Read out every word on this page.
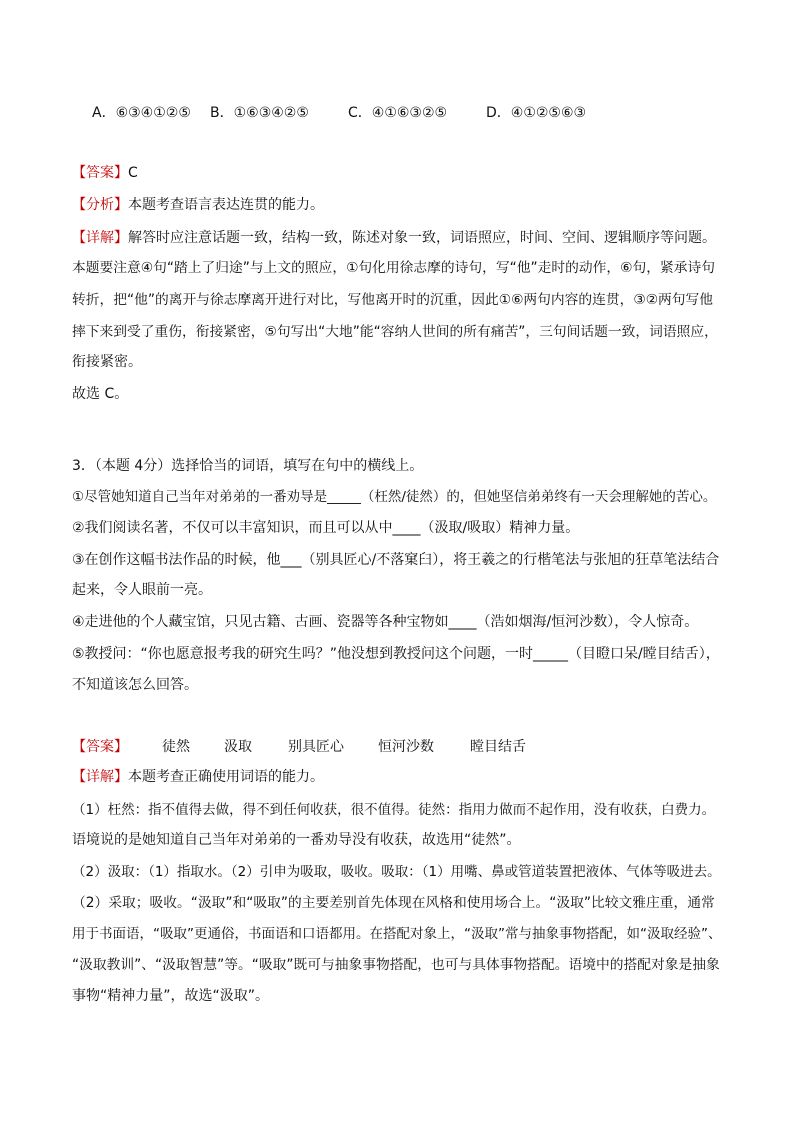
A．⑥③④①②⑤ B．①⑥③④②⑤	C．④①⑥③②⑤	D．④①②⑤⑥③
【答案】C
【分析】本题考查语言表达连贯的能力。
【详解】解答时应注意话题一致，结构一致，陈述对象一致，词语照应，时间、空间、逻辑顺序等问题。
本题要注意④句“踏上了归途”与上文的照应，①句化用徐志摩的诗句，写“他”走时的动作，⑥句，紧承诗句
转折，把“他”的离开与徐志摩离开进行对比，写他离开时的沉重，因此①⑥两句内容的连贯，③②两句写他
摔下来到受了重伤，衔接紧密，⑤句写出“大地”能“容纳人世间的所有痛苦”，三句间话题一致，词语照应，
衔接紧密。
故选 C。
3．（本题 4分）选择恰当的词语，填写在句中的横线上。
①尽管她知道自己当年对弟弟的一番劝导是_____（枉然/徒然）的，但她坚信弟弟终有一天会理解她的苦心。
②我们阅读名著，不仅可以丰富知识，而且可以从中____（汲取/吸取）精神力量。
③在创作这幅书法作品的时候，他___（别具匠心/不落窠臼），将王羲之的行楷笔法与张旭的狂草笔法结合
起来，令人眼前一亮。
④走进他的个人藏宝馆，只见古籍、古画、瓷器等各种宝物如____（浩如烟海/恒河沙数），令人惊奇。
⑤教授问：“你也愿意报考我的研究生吗？”他没想到教授问这个问题，一时_____（目瞪口呆/瞠目结舌），
不知道该怎么回答。
【答案】 徒然 汲取	别具匠心 恒河沙数	瞠目结舌
【详解】本题考查正确使用词语的能力。
（1）枉然：指不值得去做，得不到任何收获，很不值得。徒然：指用力做而不起作用，没有收获，白费力。
语境说的是她知道自己当年对弟弟的一番劝导没有收获，故选用“徒然”。
（2）汲取：（1）指取水。（2）引申为吸取，吸收。吸取：（1）用嘴、鼻或管道装置把液体、气体等吸进去。
（2）采取；吸收。“汲取”和“吸取”的主要差别首先体现在风格和使用场合上。“汲取”比较文雅庄重，通常
用于书面语，“吸取”更通俗，书面语和口语都用。在搭配对象上，“汲取”常与抽象事物搭配，如“汲取经验”、
“汲取教训”、“汲取智慧”等。“吸取”既可与抽象事物搭配，也可与具体事物搭配。语境中的搭配对象是抽象
事物“精神力量”，故选“汲取”。
